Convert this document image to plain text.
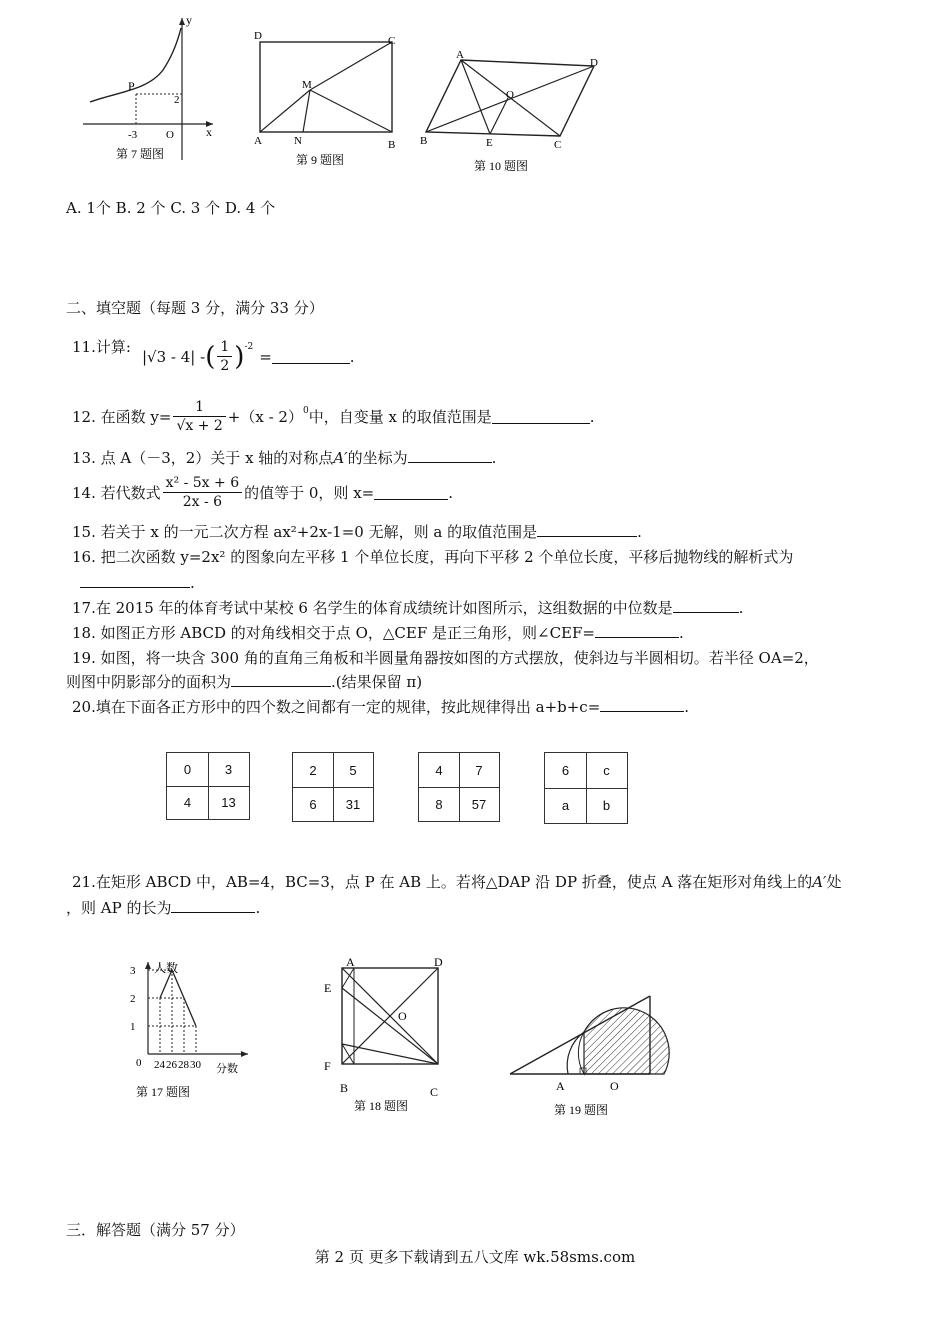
y
x
P
2
-3	O
第 7 题图
D	C
M
A	N	B
第 9 题图
A
D
O
B	E	C
第 10 题图
A. 1个 B. 2 个 C. 3 个 D. 4 个
二、填空题（每题 3 分，满分 33 分）
11.计算:
|√3 - 4| - ( $\frac{1}{2}$ ) -2
=	.
12. 在函数 $y= \frac{1}{√x + 2} +(x - 2)$ 0 中，自变量 x 的取值范围是	.
13. 点 A（－3，2）关于 x 轴的对称点A′的坐标为	.
14. 若代数式 $\frac{\text{x² - 5x + 6}}{2x - 6}$ 的值等于 0，则 x=	.
15. 若关于 x 的一元二次方程 ax²+2x-1=0 无解，则 a 的取值范围是	.
16. 把二次函数 y=2x² 的图象向左平移 1 个单位长度，再向下平移 2 个单位长度，平移后抛物线的解析式为
.
17.在 2015 年的体育考试中某校 6 名学生的体育成绩统计如图所示，这组数据的中位数是	.
18. 如图正方形 ABCD 的对角线相交于点 O，△CEF 是正三角形，则∠CEF=	.
19. 如图，将一块含 300 角的直角三角板和半圆量角器按如图的方式摆放，使斜边与半圆相切。若半径 OA=2，
则图中阴影部分的面积为	.(结果保留 π)
20.填在下面各正方形中的四个数之间都有一定的规律，按此规律得出 a+b+c=	.
0	3
4	13
2	5
6	31
4	7
8	57
6	c
a	b
21.在矩形 ABCD 中，AB=4，BC=3，点 P 在 AB 上。若将△DAP 沿 DP 折叠，使点 A 落在矩形对角线上的A′处
，则 AP 的长为	.
3
2
1
24 26 28 30
人数
分数
0
第 17 题图
A	D
E
O
F
B	C
第 18 题图
A	O
第 19 题图
三．解答题（满分 57 分）
第 2 页 更多下载请到五八文库 wk.58sms.com
